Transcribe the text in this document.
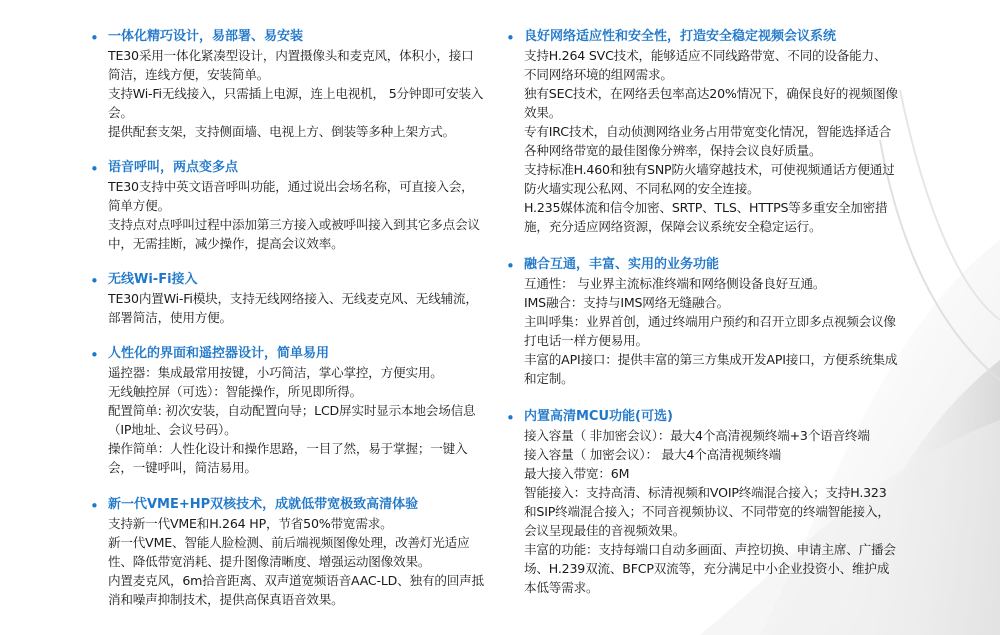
• 一体化精巧设计，易部署、易安装

TE30采用一体化紧凑型设计，内置摄像头和麦克风，体积小，接口简洁，连线方便，安装简单。

支持Wi-Fi无线接入，只需插上电源，连上电视机， 5分钟即可安装入会。

提供配套支架，支持侧面墙、电视上方、倒装等多种上架方式。

• 语音呼叫，两点变多点

TE30支持中英文语音呼叫功能，通过说出会场名称，可直接入会，简单方便。

支持点对点呼叫过程中添加第三方接入或被呼叫接入到其它多点会议中，无需挂断，减少操作，提高会议效率。

• 无线Wi-Fi接入

TE30内置Wi-Fi模块，支持无线网络接入、无线麦克风、无线辅流，部署简洁，使用方便。

• 人性化的界面和遥控器设计，简单易用

遥控器：集成最常用按键，小巧简洁，掌心掌控，方便实用。

无线触控屏（可选）：智能操作，所见即所得。

配置简单: 初次安装，自动配置向导；LCD屏实时显示本地会场信息（IP地址、会议号码）。

操作简单：人性化设计和操作思路，一目了然，易于掌握；一键入会，一键呼叫，简洁易用。

• 新一代VME+HP双核技术，成就低带宽极致高清体验

支持新一代VME和H.264 HP，节省50%带宽需求。

新一代VME、智能人脸检测、前后端视频图像处理，改善灯光适应性、降低带宽消耗、提升图像清晰度、增强运动图像效果。

内置麦克风，6m拾音距离、双声道宽频语音AAC-LD、独有的回声抵消和噪声抑制技术，提供高保真语音效果。

• 良好网络适应性和安全性，打造安全稳定视频会议系统

支持H.264 SVC技术，能够适应不同线路带宽、不同的设备能力、不同网络环境的组网需求。

独有SEC技术，在网络丢包率高达20%情况下，确保良好的视频图像效果。

专有IRC技术，自动侦测网络业务占用带宽变化情况，智能选择适合各种网络带宽的最佳图像分辨率，保持会议良好质量。

支持标准H.460和独有SNP防火墙穿越技术，可使视频通话方便通过防火墙实现公私网、不同私网的安全连接。

H.235媒体流和信令加密、SRTP、TLS、HTTPS等多重安全加密措施，充分适应网络资源，保障会议系统安全稳定运行。

• 融合互通，丰富、实用的业务功能

互通性： 与业界主流标准终端和网络侧设备良好互通。

IMS融合：支持与IMS网络无缝融合。

主叫呼集：业界首创，通过终端用户预约和召开立即多点视频会议像打电话一样方便易用。

丰富的API接口：提供丰富的第三方集成开发API接口，方便系统集成和定制。

• 内置高清MCU功能(可选)

接入容量（ 非加密会议）：最大4个高清视频终端+3个语音终端

接入容量（ 加密会议）： 最大4个高清视频终端

最大接入带宽：6M

智能接入：支持高清、标清视频和VOIP终端混合接入；支持H.323和SIP终端混合接入；不同音视频协议、不同带宽的终端智能接入，会议呈现最佳的音视频效果。

丰富的功能：支持每端口自动多画面、声控切换、申请主席、广播会场、H.239双流、BFCP双流等，充分满足中小企业投资小、维护成本低等需求。
